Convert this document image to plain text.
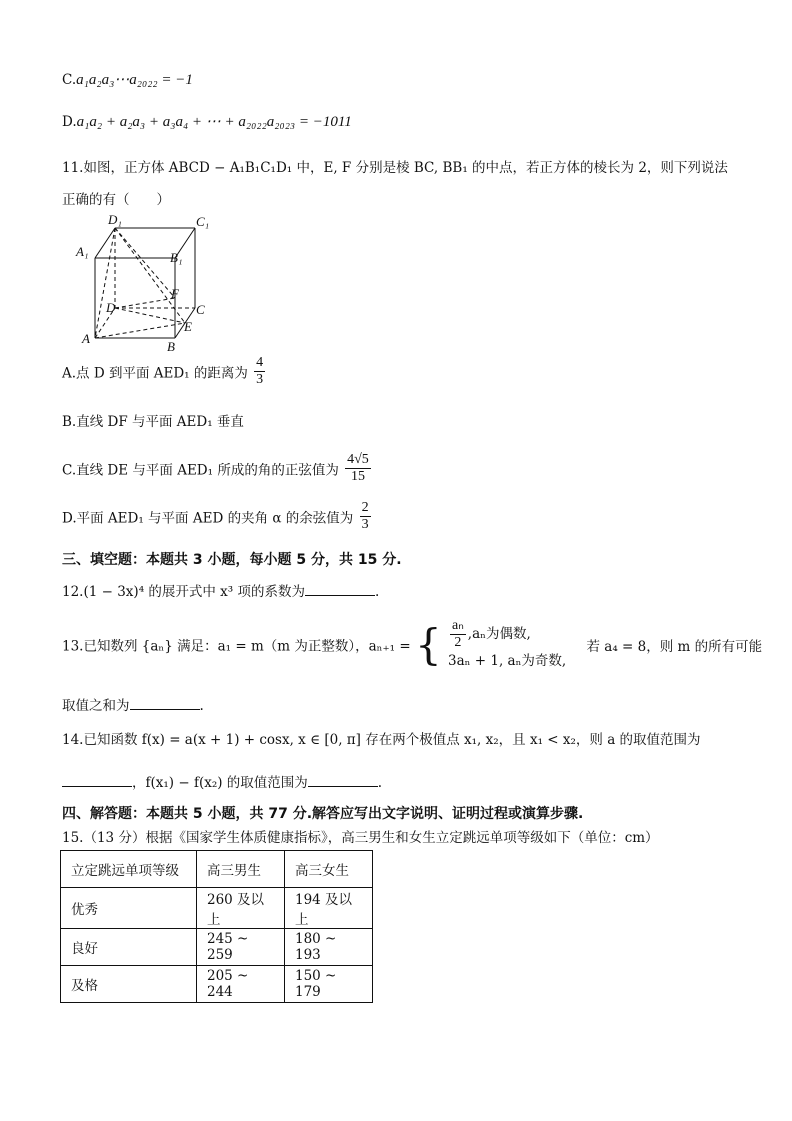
C.a₁a₂a₃⋯a₂₀₂₂ = −1
D.a₁a₂ + a₂a₃ + a₃a₄ + ⋯ + a₂₀₂₂a₂₀₂₃ = −1011
11.如图，正方体 ABCD − A₁B₁C₁D₁ 中，E, F 分别是棱 BC, BB₁ 的中点，若正方体的棱长为 2，则下列说法
正确的有（　　）
D₁	C₁
A₁	B₁
F
D	C
E
A
B
A.点 D 到平面 AED₁ 的距离为 $\frac{4}{3}$
B.直线 DF 与平面 AED₁ 垂直
C.直线 DE 与平面 AED₁ 所成的角的正弦值为 $\frac{4√5}{15}$
D.平面 AED₁ 与平面 AED 的夹角 α 的余弦值为 $\frac{2}{3}$
三、填空题：本题共 3 小题，每小题 5 分，共 15 分.
12.(1 − 3x)⁴ 的展开式中 x³ 项的系数为	.
13.已知数列 {aₙ} 满足：a₁ = m（m 为正整数），aₙ₊₁ = { $\frac{\text{aₙ}}{2} ,a_n$为偶数,
3aₙ + 1, aₙ为奇数,
若 a₄ = 8，则 m 的所有可能
取值之和为	.
14.已知函数 f(x) = a(x + 1) + cosx, x ∈ [0, π] 存在两个极值点 x₁, x₂，且 x₁ < x₂，则 a 的取值范围为
，f(x₁) − f(x₂) 的取值范围为	.
四、解答题：本题共 5 小题，共 77 分.解答应写出文字说明、证明过程或演算步骤.
15.（13 分）根据《国家学生体质健康指标》，高三男生和女生立定跳远单项等级如下（单位：cm）
立定跳远单项等级	高三男生	高三女生
优秀	260 及以上	194 及以上
良好	245 ~ 259	180 ~ 193
及格	205 ~ 244	150 ~ 179
